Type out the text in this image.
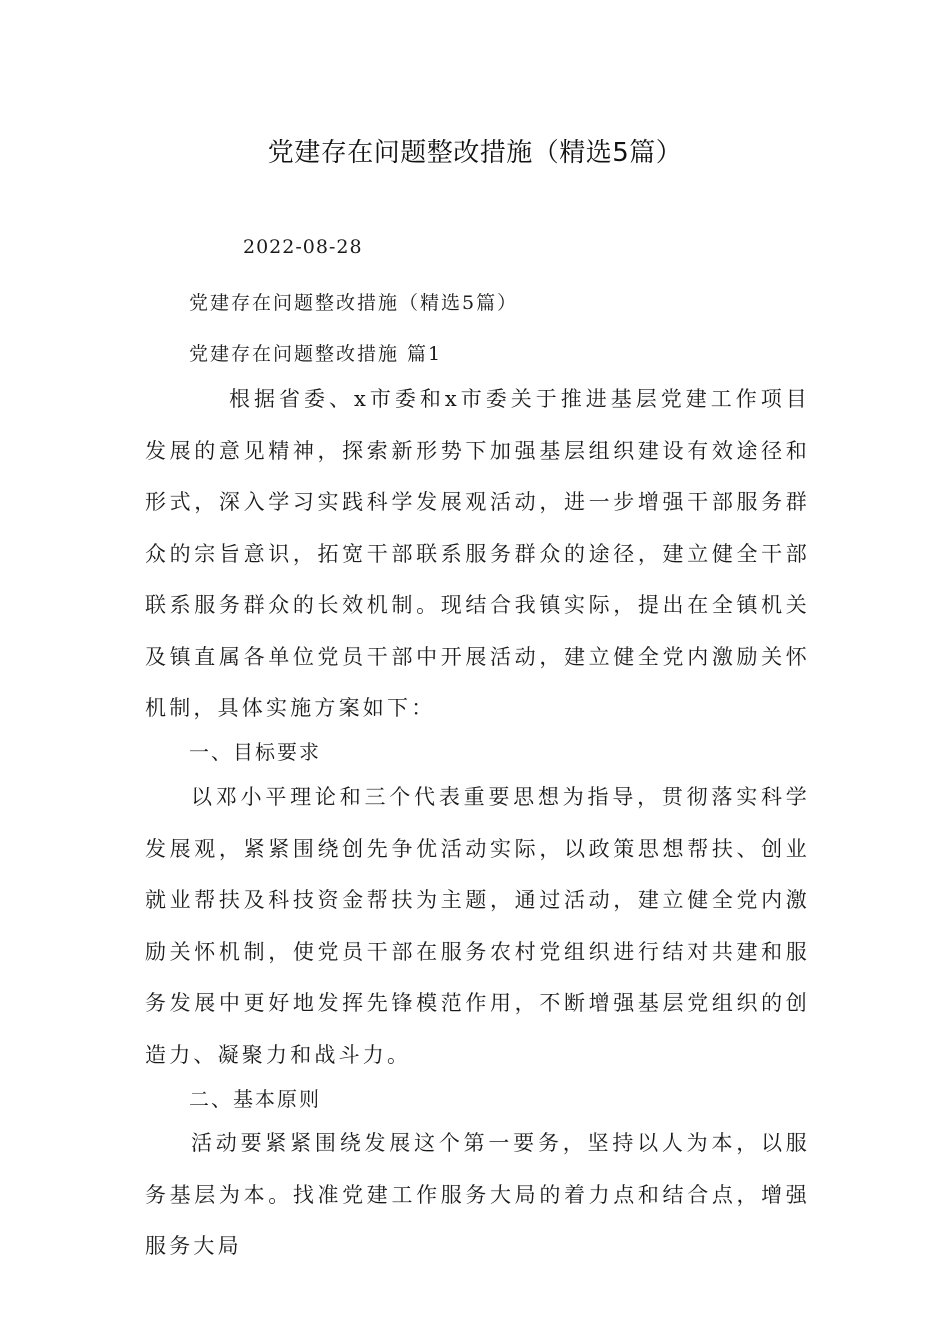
党建存在问题整改措施（精选5篇）
2022-08-28
党建存在问题整改措施（精选5篇）
党建存在问题整改措施 篇1

根据省委、x市委和x市委关于推进基层党建工作项目发展的意见精神，探索新形势下加强基层组织建设有效途径和形式，深入学习实践科学发展观活动，进一步增强干部服务群众的宗旨意识，拓宽干部联系服务群众的途径，建立健全干部联系服务群众的长效机制。现结合我镇实际，提出在全镇机关及镇直属各单位党员干部中开展活动，建立健全党内激励关怀机制，具体实施方案如下：

一、目标要求

以邓小平理论和三个代表重要思想为指导，贯彻落实科学发展观，紧紧围绕创先争优活动实际，以政策思想帮扶、创业就业帮扶及科技资金帮扶为主题，通过活动，建立健全党内激励关怀机制，使党员干部在服务农村党组织进行结对共建和服务发展中更好地发挥先锋模范作用，不断增强基层党组织的创造力、凝聚力和战斗力。

二、基本原则

活动要紧紧围绕发展这个第一要务，坚持以人为本，以服务基层为本。找准党建工作服务大局的着力点和结合点，增强服务大局
